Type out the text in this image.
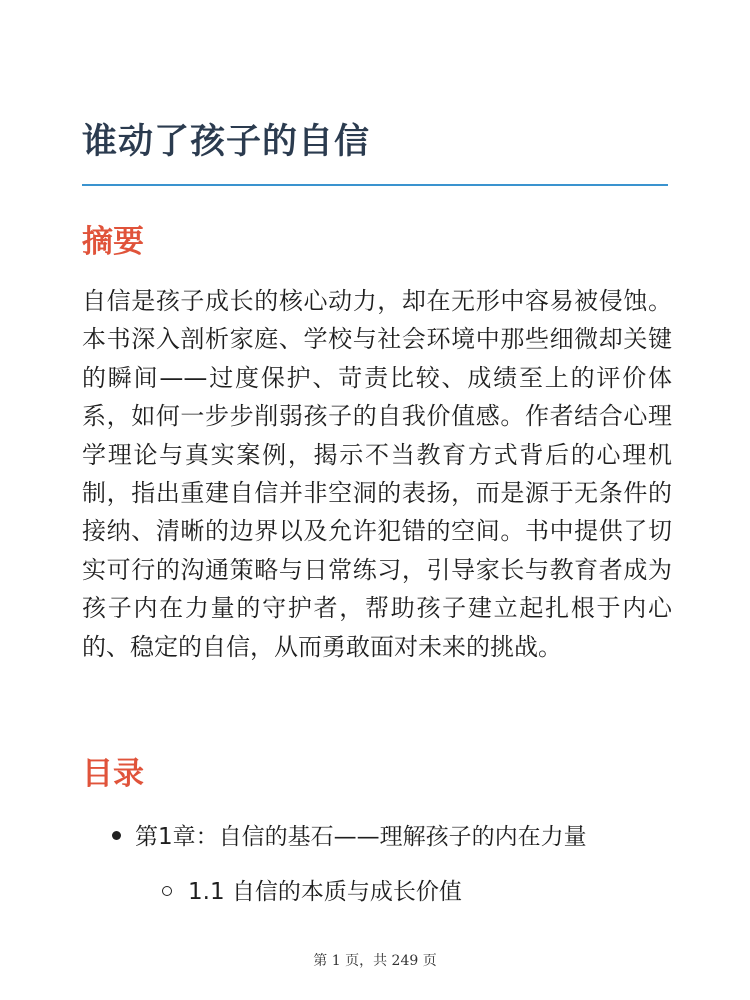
谁动了孩子的自信
摘要

自信是孩子成长的核心动力，却在无形中容易被侵蚀。本书深入剖析家庭、学校与社会环境中那些细微却关键的瞬间——过度保护、苛责比较、成绩至上的评价体系，如何一步步削弱孩子的自我价值感。作者结合心理学理论与真实案例，揭示不当教育方式背后的心理机制，指出重建自信并非空洞的表扬，而是源于无条件的接纳、清晰的边界以及允许犯错的空间。书中提供了切实可行的沟通策略与日常练习，引导家长与教育者成为孩子内在力量的守护者，帮助孩子建立起扎根于内心的、稳定的自信，从而勇敢面对未来的挑战。

目录
第1章：自信的基石——理解孩子的内在力量
1.1 自信的本质与成长价值
第 1 页，共 249 页
